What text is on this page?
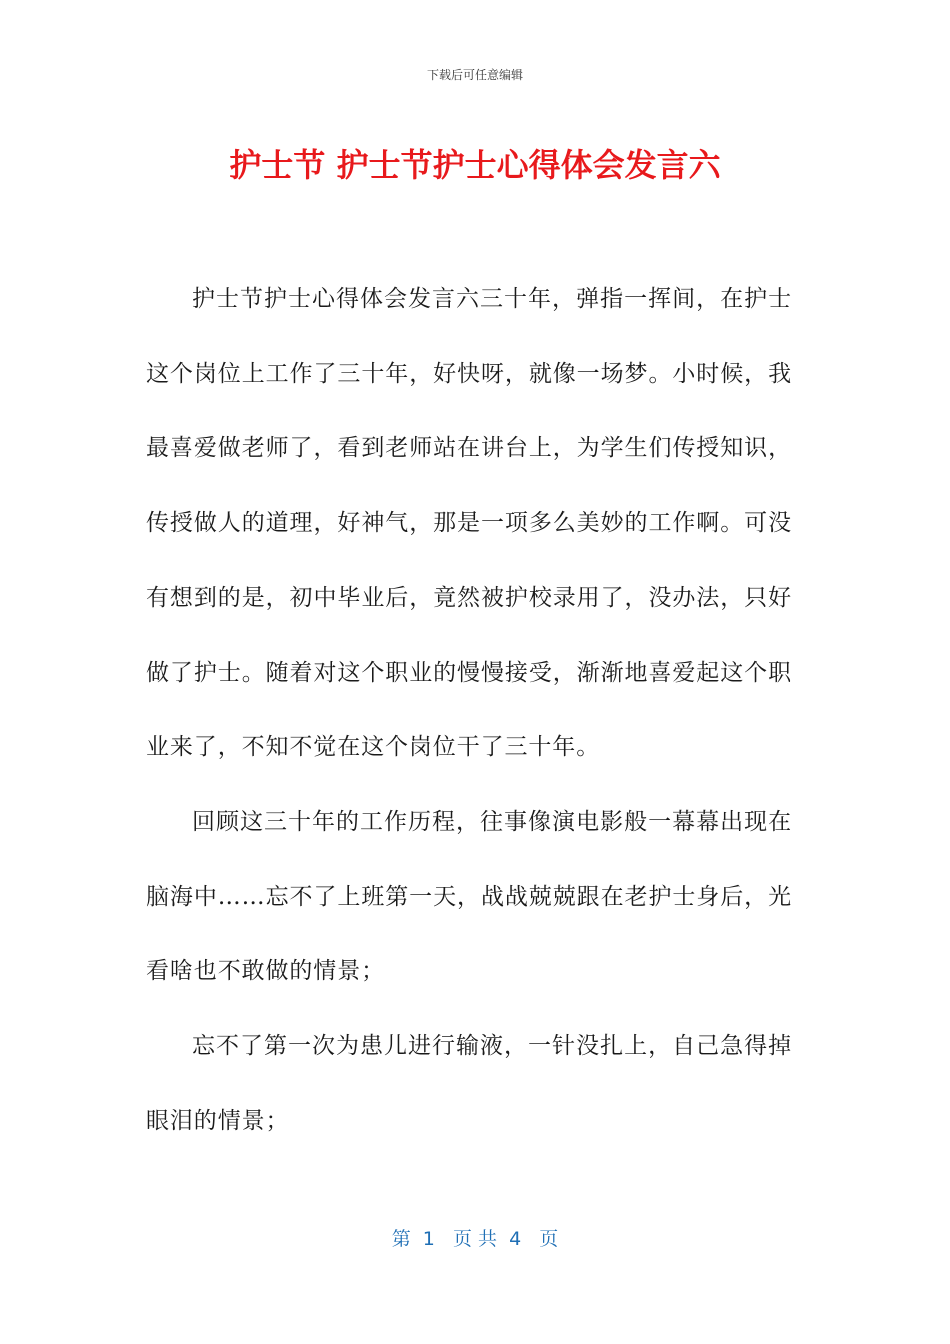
下载后可任意编辑
护士节 护士节护士心得体会发言六

护士节护士心得体会发言六三十年，弹指一挥间，在护士这个岗位上工作了三十年，好快呀，就像一场梦。小时候，我最喜爱做老师了，看到老师站在讲台上，为学生们传授知识，传授做人的道理，好神气，那是一项多么美妙的工作啊。可没有想到的是，初中毕业后，竟然被护校录用了，没办法，只好做了护士。随着对这个职业的慢慢接受，渐渐地喜爱起这个职业来了，不知不觉在这个岗位干了三十年。

回顾这三十年的工作历程，往事像演电影般一幕幕出现在脑海中……忘不了上班第一天，战战兢兢跟在老护士身后，光看啥也不敢做的情景；

忘不了第一次为患儿进行输液，一针没扎上，自己急得掉眼泪的情景；

第  1   页 共  4   页
